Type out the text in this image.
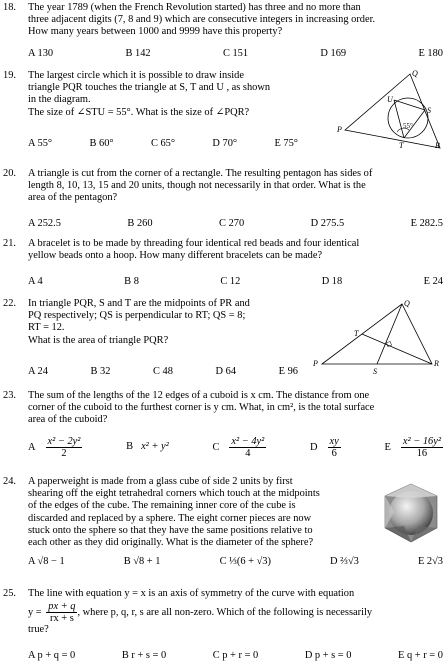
18. The year 1789 (when the French Revolution started) has three and no more than
three adjacent digits (7, 8 and 9) which are consecutive integers in increasing order.
How many years between 1000 and 9999 have this property?
A 130	B 142	C 151	D 169	E 180
19. The largest circle which it is possible to draw inside
triangle PQR touches the triangle at S, T and U , as shown
in the diagram.
The size of ∠STU = 55°. What is the size of ∠PQR?
Q
U
S
55°
P
T	R
A 55°	B 60°	C 65°	D 70°	E 75°
20. A triangle is cut from the corner of a rectangle. The resulting pentagon has sides of
length 8, 10, 13, 15 and 20 units, though not necessarily in that order. What is the
area of the pentagon?
A 252.5	B 260	C 270	D 275.5	E 282.5
21. A bracelet is to be made by threading four identical red beads and four identical
yellow beads onto a hoop. How many different bracelets can be made?
A 4	B 8	C 12	D 18	E 24
22. In triangle PQR, S and T are the midpoints of PR and
PQ respectively; QS is perpendicular to RT; QS = 8;
RT = 12.
What is the area of triangle PQR?
Q
T
P
S
R
A 24	B 32	C 48	D 64	E 96
23. The sum of the lengths of the 12 edges of a cuboid is x cm. The distance from one
corner of the cuboid to the furthest corner is y cm. What, in cm², is the total surface
area of the cuboid?
A $\frac{\text{x² − 2y²}}{2}$	B x² + y²	C $\frac{\text{x² − 4y²}}{4}$	D $\frac{xy}{6}$	E $\frac{\text{x² − 16y²}}{16}$
24. A paperweight is made from a glass cube of side 2 units by first
shearing off the eight tetrahedral corners which touch at the midpoints
of the edges of the cube. The remaining inner core of the cube is
discarded and replaced by a sphere. The eight corner pieces are now
stuck onto the sphere so that they have the same positions relative to
each other as they did originally. What is the diameter of the sphere?
A √8 − 1	B √8 + 1	C ⅓(6 + √3)	D ⅔√3	E 2√3
25. The line with equation y = x is an axis of symmetry of the curve with equation
$y = \frac{px + q}{rx + s}$ , where p, q, r, s are all non-zero. Which of the following is necessarily
true?
A p + q = 0	B r + s = 0	C p + r = 0	D p + s = 0	E q + r = 0
